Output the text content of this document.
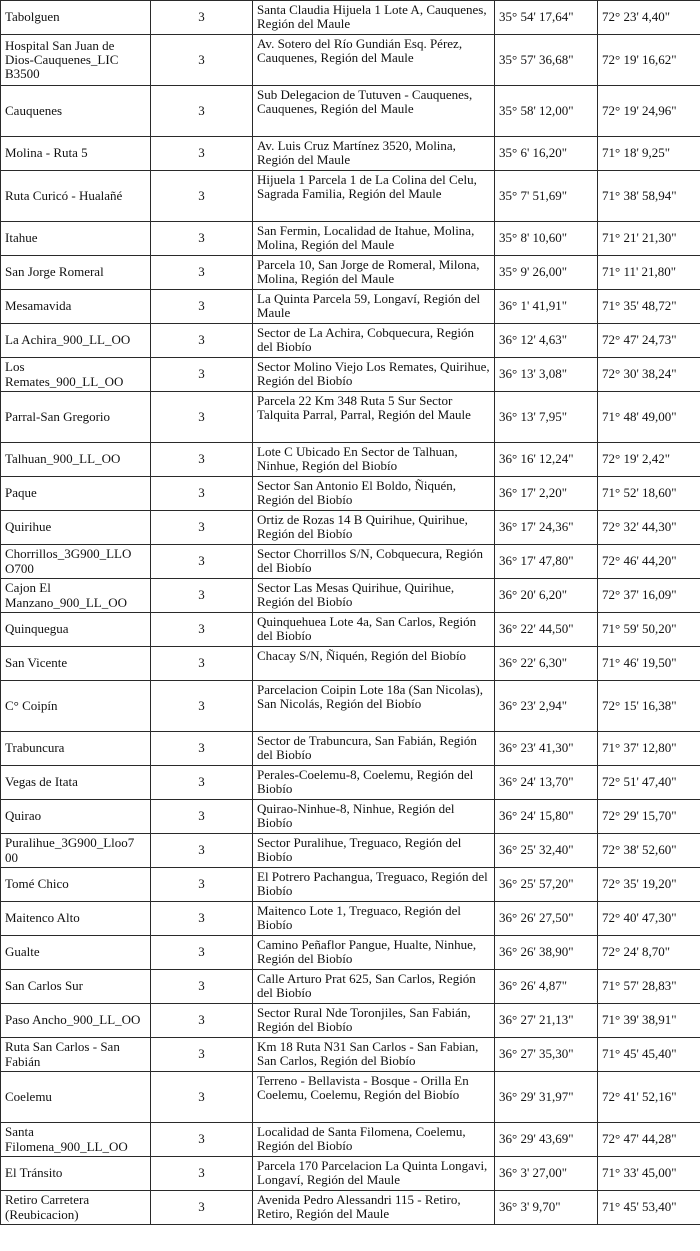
Tabolguen	3	Santa Claudia Hijuela 1 Lote A, Cauquenes, Región del Maule	35° 54' 17,64"	72° 23' 4,40"
Hospital San Juan de Dios-Cauquenes_LIC B3500	3	Av. Sotero del Río Gundián Esq. Pérez, Cauquenes, Región del Maule	35° 57' 36,68"	72° 19' 16,62"
Cauquenes	3	Sub Delegacion de Tutuven - Cauquenes, Cauquenes, Región del Maule	35° 58' 12,00"	72° 19' 24,96"
Molina - Ruta 5	3	Av. Luis Cruz Martínez 3520, Molina, Región del Maule	35° 6' 16,20"	71° 18' 9,25"
Ruta Curicó - Hualañé	3	Hijuela 1 Parcela 1 de La Colina del Celu, Sagrada Familia, Región del Maule	35° 7' 51,69"	71° 38' 58,94"
Itahue	3	San Fermin, Localidad de Itahue, Molina, Molina, Región del Maule	35° 8' 10,60"	71° 21' 21,30"
San Jorge Romeral	3	Parcela 10, San Jorge de Romeral, Milona, Molina, Región del Maule	35° 9' 26,00"	71° 11' 21,80"
Mesamavida	3	La Quinta Parcela 59, Longaví, Región del Maule	36° 1' 41,91"	71° 35' 48,72"
La Achira_900_LL_OO	3	Sector de La Achira, Cobquecura, Región del Biobío	36° 12' 4,63"	72° 47' 24,73"
Los Remates_900_LL_OO	3	Sector Molino Viejo Los Remates, Quirihue, Región del Biobío	36° 13' 3,08"	72° 30' 38,24"
Parral-San Gregorio	3	Parcela 22 Km 348 Ruta 5 Sur Sector Talquita Parral, Parral, Región del Maule	36° 13' 7,95"	71° 48' 49,00"
Talhuan_900_LL_OO	3	Lote C Ubicado En Sector de Talhuan, Ninhue, Región del Biobío	36° 16' 12,24"	72° 19' 2,42"
Paque	3	Sector San Antonio El Boldo, Ñiquén, Región del Biobío	36° 17' 2,20"	71° 52' 18,60"
Quirihue	3	Ortiz de Rozas 14 B Quirihue, Quirihue, Región del Biobío	36° 17' 24,36"	72° 32' 44,30"
Chorrillos_3G900_LLO O700	3	Sector Chorrillos S/N, Cobquecura, Región del Biobío	36° 17' 47,80"	72° 46' 44,20"
Cajon El Manzano_900_LL_OO	3	Sector Las Mesas Quirihue, Quirihue, Región del Biobío	36° 20' 6,20"	72° 37' 16,09"
Quinquegua	3	Quinquehuea Lote 4a, San Carlos, Región del Biobío	36° 22' 44,50"	71° 59' 50,20"
San Vicente	3	Chacay S/N, Ñiquén, Región del Biobío	36° 22' 6,30"	71° 46' 19,50"
C° Coipín	3	Parcelacion Coipin Lote 18a (San Nicolas), San Nicolás, Región del Biobío	36° 23' 2,94"	72° 15' 16,38"
Trabuncura	3	Sector de Trabuncura, San Fabián, Región del Biobío	36° 23' 41,30"	71° 37' 12,80"
Vegas de Itata	3	Perales-Coelemu-8, Coelemu, Región del Biobío	36° 24' 13,70"	72° 51' 47,40"
Quirao	3	Quirao-Ninhue-8, Ninhue, Región del Biobío	36° 24' 15,80"	72° 29' 15,70"
Puralihue_3G900_Lloo7 00	3	Sector Puralihue, Treguaco, Región del Biobío	36° 25' 32,40"	72° 38' 52,60"
Tomé Chico	3	El Potrero Pachangua, Treguaco, Región del Biobío	36° 25' 57,20"	72° 35' 19,20"
Maitenco Alto	3	Maitenco Lote 1, Treguaco, Región del Biobío	36° 26' 27,50"	72° 40' 47,30"
Gualte	3	Camino Peñaflor Pangue, Hualte, Ninhue, Región del Biobío	36° 26' 38,90"	72° 24' 8,70"
San Carlos Sur	3	Calle Arturo Prat 625, San Carlos, Región del Biobío	36° 26' 4,87"	71° 57' 28,83"
Paso Ancho_900_LL_OO	3	Sector Rural Nde Toronjiles, San Fabián, Región del Biobío	36° 27' 21,13"	71° 39' 38,91"
Ruta San Carlos - San Fabián	3	Km 18 Ruta N31 San Carlos - San Fabian, San Carlos, Región del Biobío	36° 27' 35,30"	71° 45' 45,40"
Coelemu	3	Terreno - Bellavista - Bosque - Orilla En Coelemu, Coelemu, Región del Biobío	36° 29' 31,97"	72° 41' 52,16"
Santa Filomena_900_LL_OO	3	Localidad de Santa Filomena, Coelemu, Región del Biobío	36° 29' 43,69"	72° 47' 44,28"
El Tránsito	3	Parcela 170 Parcelacion La Quinta Longavi, Longaví, Región del Maule	36° 3' 27,00"	71° 33' 45,00"
Retiro Carretera (Reubicacion)	3	Avenida Pedro Alessandri 115 - Retiro, Retiro, Región del Maule	36° 3' 9,70"	71° 45' 53,40"
